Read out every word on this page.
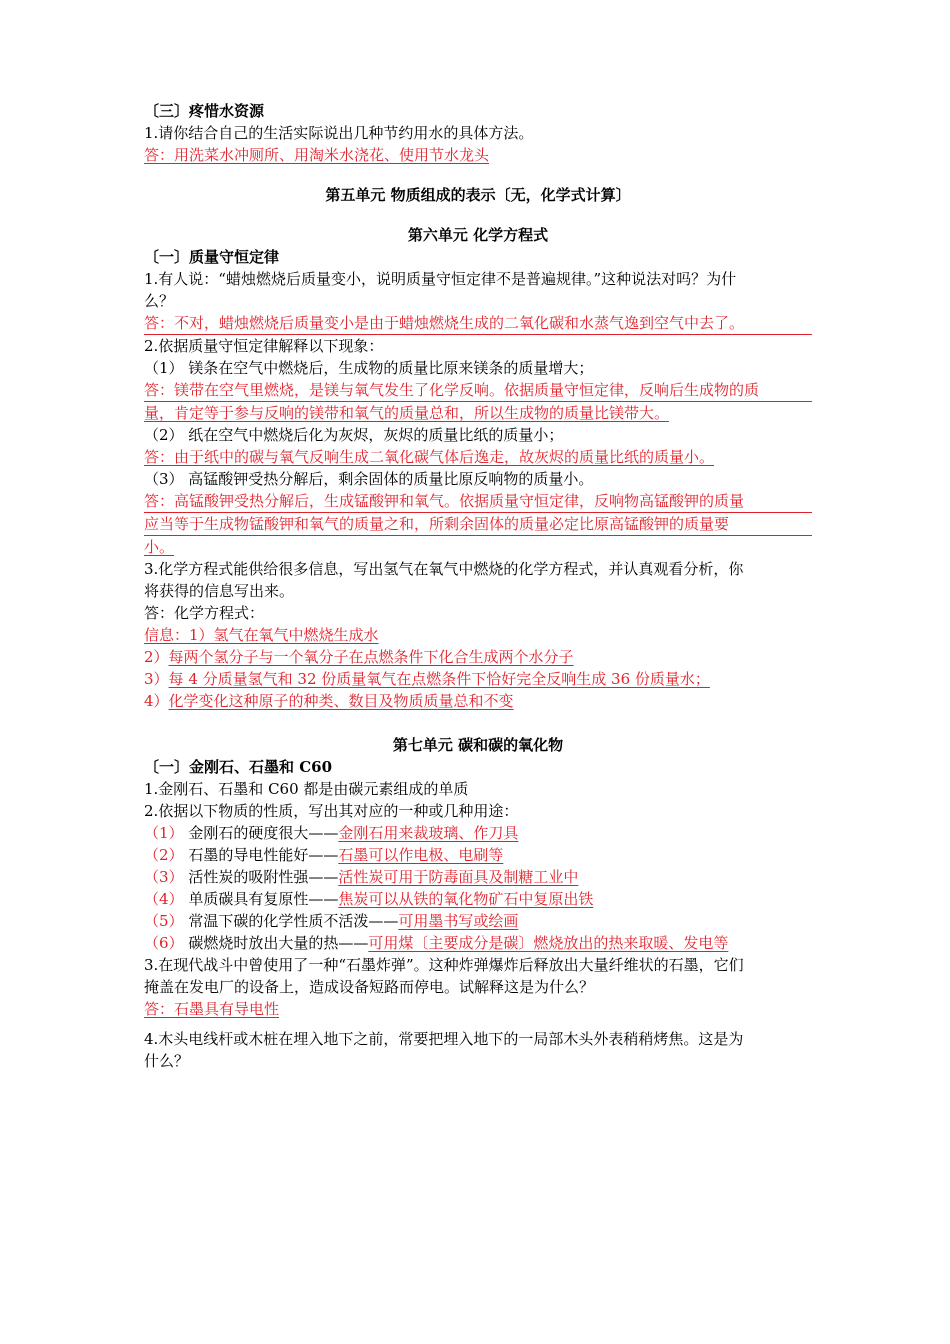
〔三〕疼惜水资源
1.请你结合自己的生活实际说出几种节约用水的具体方法。
答：用洗菜水冲厕所、用淘米水浇花、使用节水龙头
第五单元 物质组成的表示〔无，化学式计算〕
第六单元 化学方程式
〔一〕质量守恒定律
1.有人说：“蜡烛燃烧后质量变小，说明质量守恒定律不是普遍规律。”这种说法对吗？为什
么？
答：不对，蜡烛燃烧后质量变小是由于蜡烛燃烧生成的二氧化碳和水蒸气逸到空气中去了。
2.依据质量守恒定律解释以下现象：
（1） 镁条在空气中燃烧后，生成物的质量比原来镁条的质量增大；
答：镁带在空气里燃烧，是镁与氧气发生了化学反响。依据质量守恒定律，反响后生成物的质
量，肯定等于参与反响的镁带和氧气的质量总和，所以生成物的质量比镁带大。
（2） 纸在空气中燃烧后化为灰烬，灰烬的质量比纸的质量小；
答：由于纸中的碳与氧气反响生成二氧化碳气体后逸走，故灰烬的质量比纸的质量小。
（3） 高锰酸钾受热分解后，剩余固体的质量比原反响物的质量小。
答：高锰酸钾受热分解后，生成锰酸钾和氧气。依据质量守恒定律，反响物高锰酸钾的质量
应当等于生成物锰酸钾和氧气的质量之和，所剩余固体的质量必定比原高锰酸钾的质量要
小。
3.化学方程式能供给很多信息，写出氢气在氧气中燃烧的化学方程式，并认真观看分析，你
将获得的信息写出来。
答：化学方程式：
信息：1）氢气在氧气中燃烧生成水
2）每两个氢分子与一个氧分子在点燃条件下化合生成两个水分子
3）每 4 分质量氢气和 32 份质量氧气在点燃条件下恰好完全反响生成 36 份质量水；
4）化学变化这种原子的种类、数目及物质质量总和不变
第七单元 碳和碳的氧化物
〔一〕金刚石、石墨和 C60
1.金刚石、石墨和 C60 都是由碳元素组成的单质
2.依据以下物质的性质，写出其对应的一种或几种用途：
（1） 金刚石的硬度很大——金刚石用来裁玻璃、作刀具
（2） 石墨的导电性能好——石墨可以作电极、电刷等
（3） 活性炭的吸附性强——活性炭可用于防毒面具及制糖工业中
（4） 单质碳具有复原性——焦炭可以从铁的氧化物矿石中复原出铁
（5） 常温下碳的化学性质不活泼——可用墨书写或绘画
（6） 碳燃烧时放出大量的热——可用煤〔主要成分是碳〕燃烧放出的热来取暖、发电等
3.在现代战斗中曾使用了一种“石墨炸弹”。这种炸弹爆炸后释放出大量纤维状的石墨，它们
掩盖在发电厂的设备上，造成设备短路而停电。试解释这是为什么？
答：石墨具有导电性
4.木头电线杆或木桩在埋入地下之前，常要把埋入地下的一局部木头外表稍稍烤焦。这是为
什么？
